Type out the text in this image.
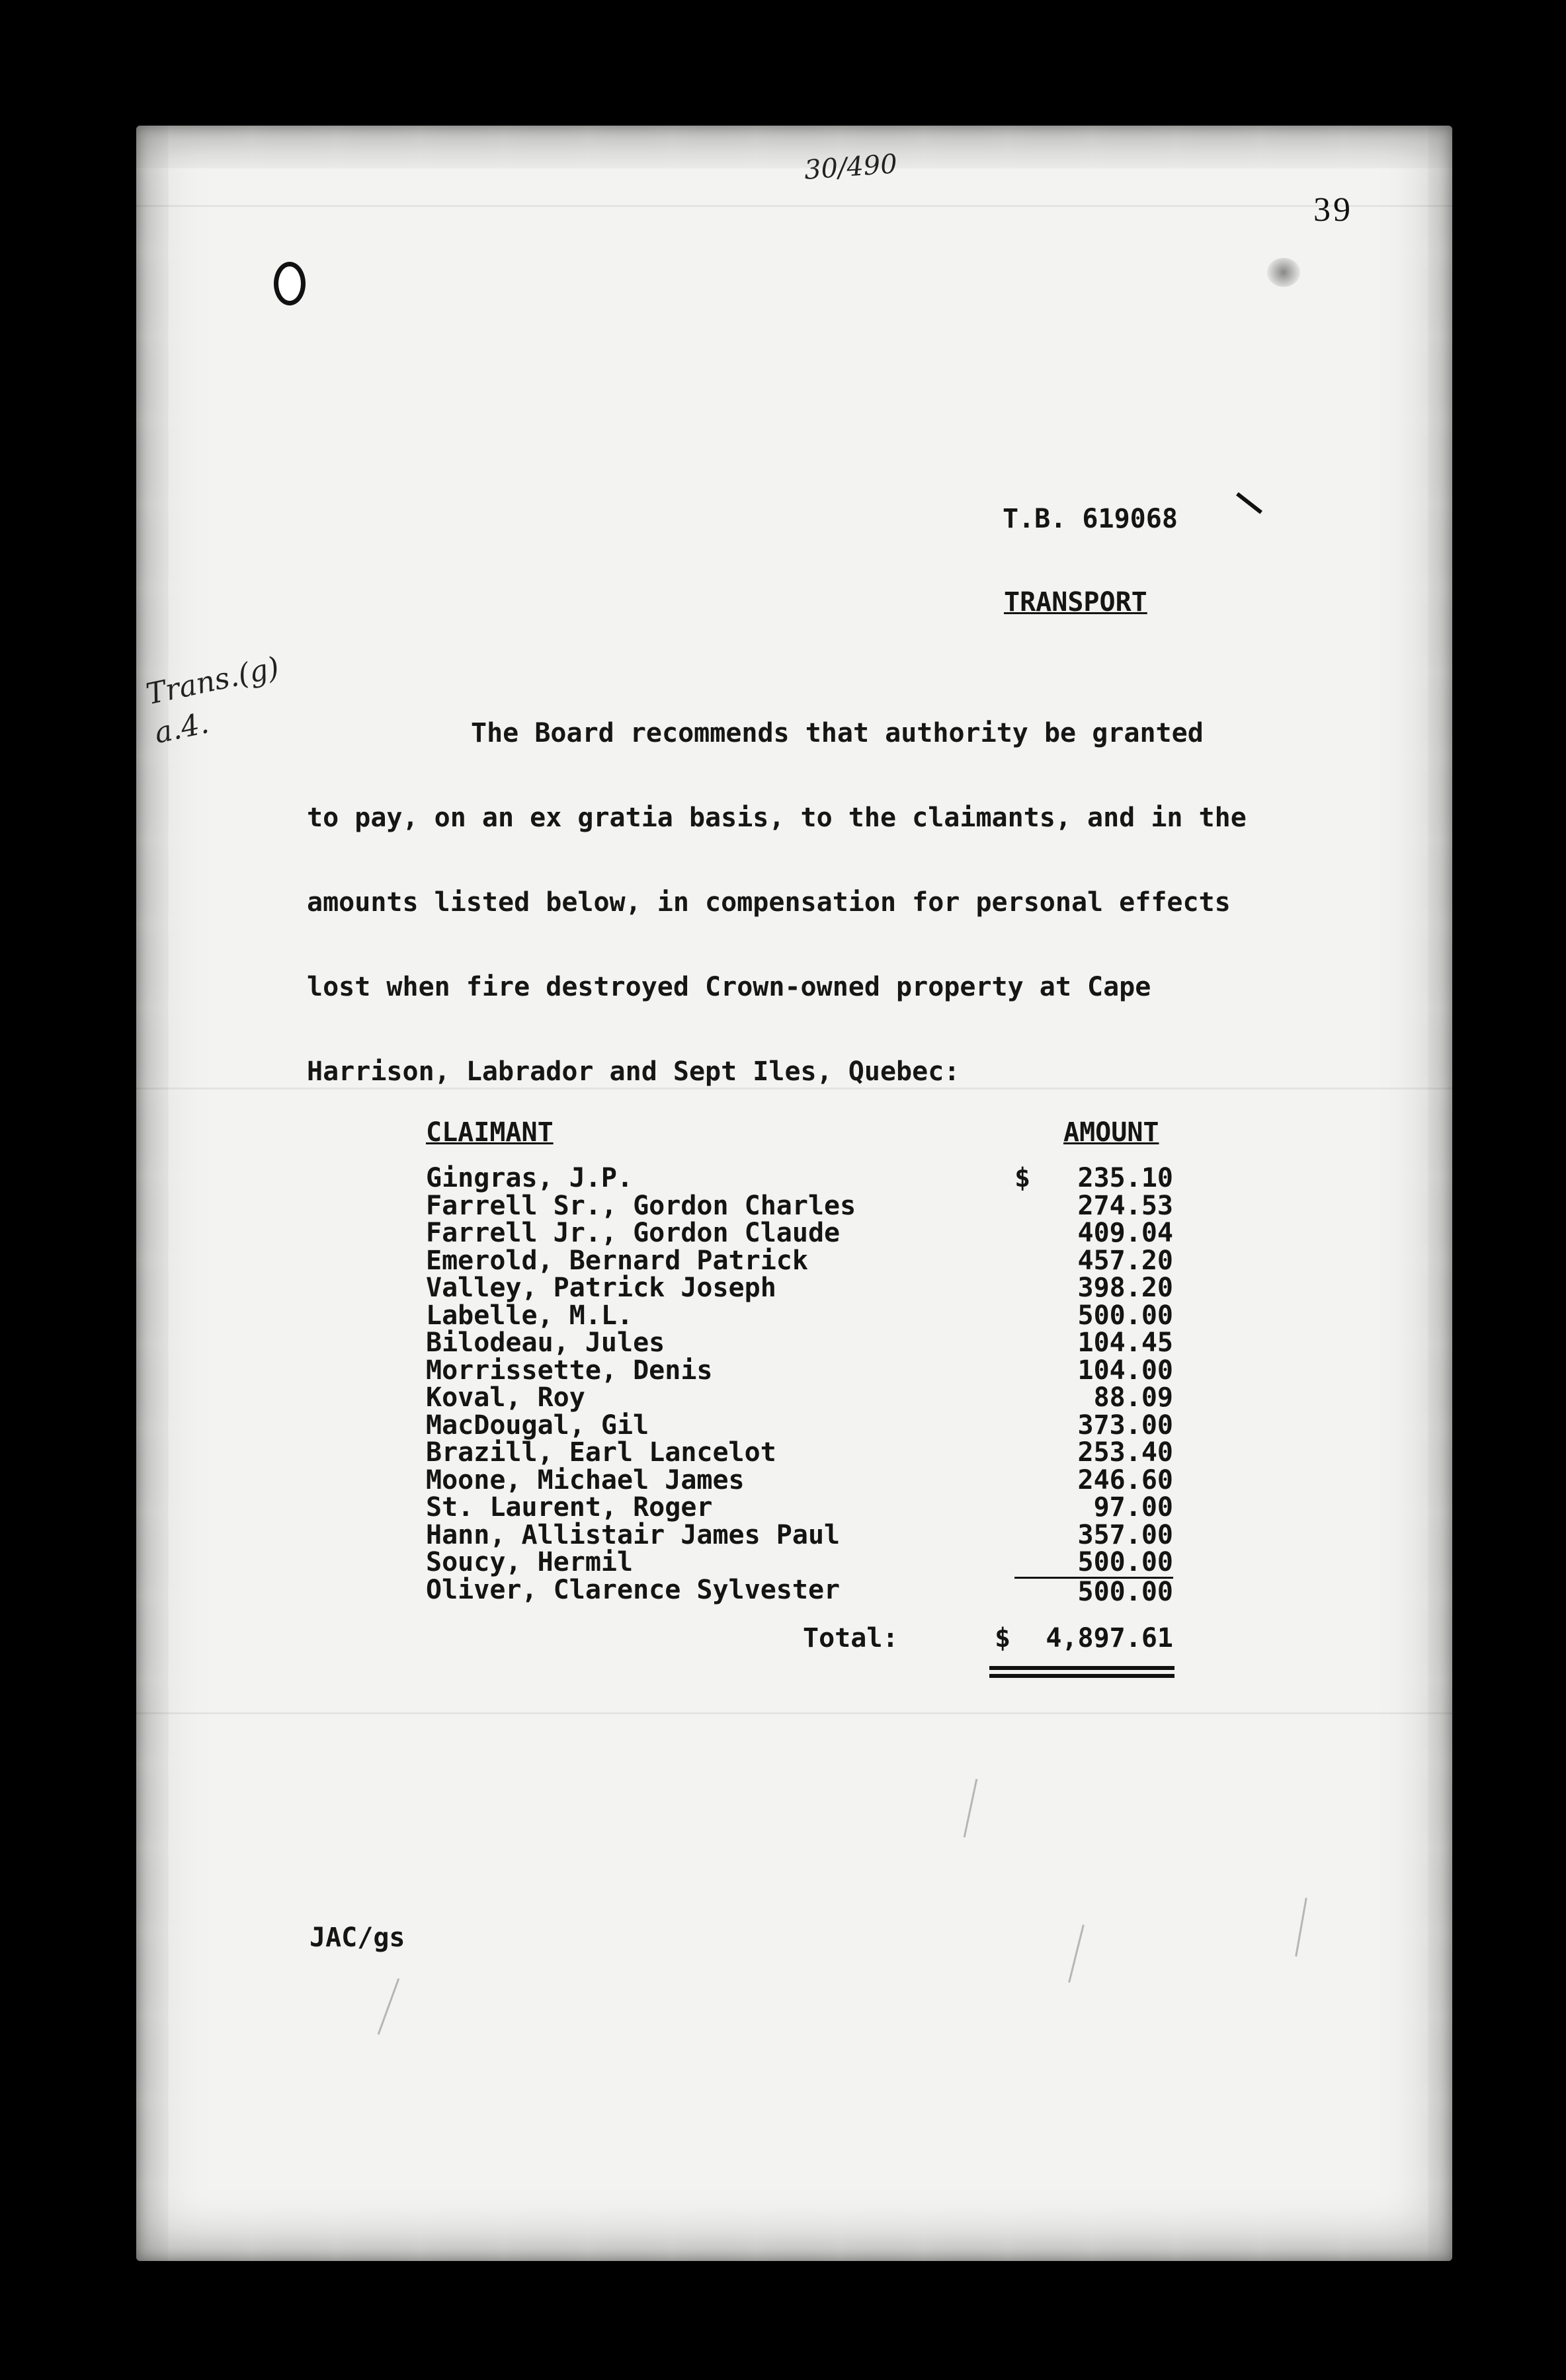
30/490
39
Trans.(g)
a.4.
T.B. 619068
TRANSPORT
The Board recommends that authority be granted
to pay, on an ex gratia basis, to the claimants, and in the
amounts listed below, in compensation for personal effects
lost when fire destroyed Crown-owned property at Cape
Harrison, Labrador and Sept Iles, Quebec:
CLAIMANT	AMOUNT
Gingras, J.P.	$ 235.10
Farrell Sr., Gordon Charles	274.53
Farrell Jr., Gordon Claude	409.04
Emerold, Bernard Patrick	457.20
Valley, Patrick Joseph	398.20
Labelle, M.L.	500.00
Bilodeau, Jules	104.45
Morrissette, Denis	104.00
Koval, Roy	88.09
MacDougal, Gil	373.00
Brazill, Earl Lancelot	253.40
Moone, Michael James	246.60
St. Laurent, Roger	97.00
Hann, Allistair James Paul	357.00
Soucy, Hermil	500.00
Oliver, Clarence Sylvester	500.00
Total:	$ 4,897.61
JAC/gs
